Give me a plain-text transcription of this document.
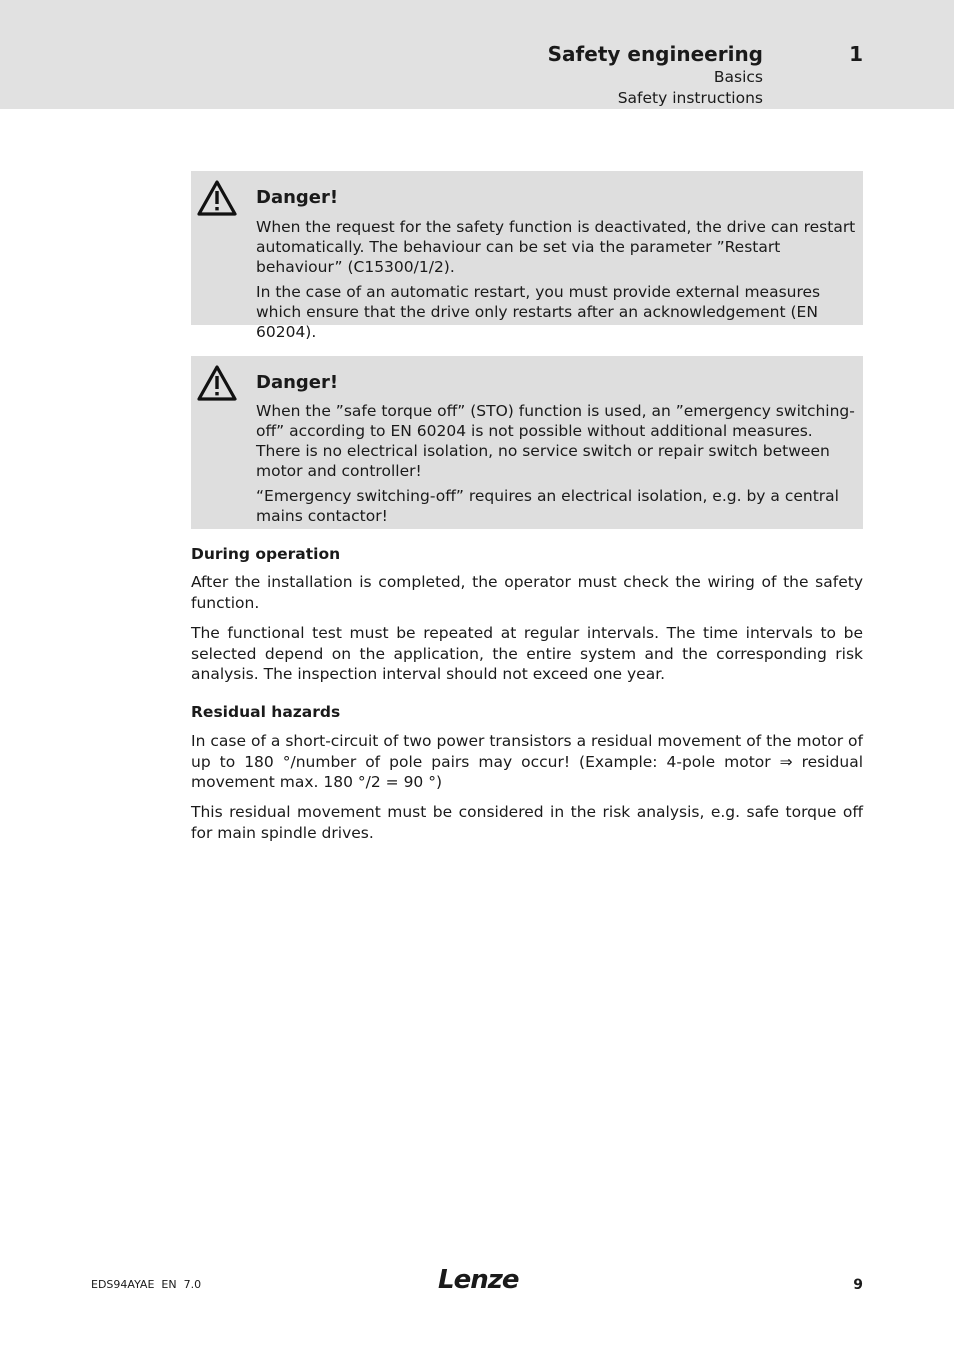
Safety engineering	1
Basics
Safety instructions
Danger!

When the request for the safety function is deactivated, the drive can restart automatically. The behaviour can be set via the parameter ”Restart behaviour” (C15300/1/2).

In the case of an automatic restart, you must provide external measures which ensure that the drive only restarts after an acknowledgement (EN 60204).

Danger!

When the ”safe torque off” (STO) function is used, an ”emergency switching-off” according to EN 60204 is not possible without additional measures. There is no electrical isolation, no service switch or repair switch between motor and controller!

“Emergency switching-off” requires an electrical isolation, e.g. by a central mains contactor!

During operation

After the installation is completed, the operator must check the wiring of the safety function.

The functional test must be repeated at regular intervals. The time intervals to be selected depend on the application, the entire system and the corresponding risk analysis. The inspection interval should not exceed one year.

Residual hazards

In case of a short-circuit of two power transistors a residual movement of the motor of up to 180 °/number of pole pairs may occur! (Example: 4-pole motor ⇒ residual movement max. 180 °/2 = 90 °)

This residual movement must be considered in the risk analysis, e.g. safe torque off for main spindle drives.

EDS94AYAE  EN  7.0	Lenze	9
